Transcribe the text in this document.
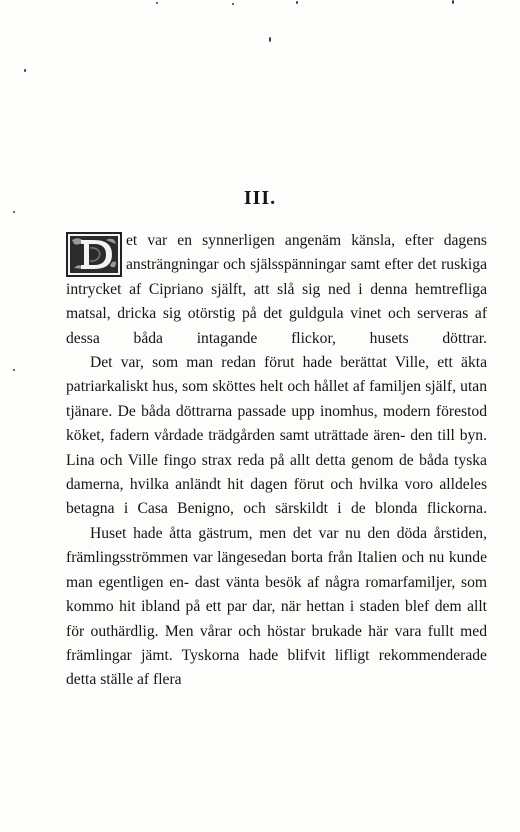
III.

et var en synnerligen angenäm känsla, efter dagens ansträngningar och själsspänningar samt efter det ruskiga intrycket af Cipriano själft, att slå sig ned i denna hemtrefliga matsal, dricka sig otörstig på det guldgula vinet och serveras af dessa båda intagande flickor, husets döttrar.

Det var, som man redan förut hade berättat Ville, ett äkta patriarkaliskt hus, som sköttes helt och hållet af familjen själf, utan tjänare. De båda döttrarna passade upp inomhus, modern förestod köket, fadern vårdade trädgården samt uträttade ären- den till byn. Lina och Ville fingo strax reda på allt detta genom de båda tyska damerna, hvilka anländt hit dagen förut och hvilka voro alldeles betagna i Casa Benigno, och särskildt i de blonda flickorna.

Huset hade åtta gästrum, men det var nu den döda årstiden, främlingsströmmen var längesedan borta från Italien och nu kunde man egentligen en- dast vänta besök af några romarfamiljer, som kommo hit ibland på ett par dar, när hettan i staden blef dem allt för outhärdlig. Men vårar och höstar brukade här vara fullt med främlingar jämt. Tyskorna hade blifvit lifligt rekommenderade detta ställe af flera
